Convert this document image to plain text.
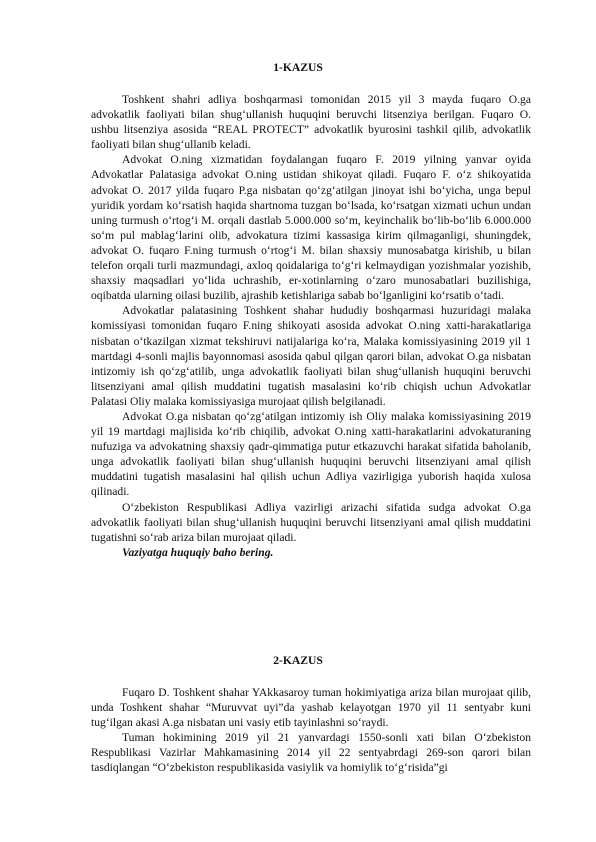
1-KAZUS

Toshkent shahri adliya boshqarmasi tomonidan 2015 yil 3 mayda fuqaro O.ga advokatlik faoliyati bilan shug‘ullanish huquqini beruvchi litsenziya berilgan. Fuqaro O. ushbu litsenziya asosida “REAL PROTECT” advokatlik byurosini tashkil qilib, advokatlik faoliyati bilan shug‘ullanib keladi.

Advokat O.ning xizmatidan foydalangan fuqaro F. 2019 yilning yanvar oyida Advokatlar Palatasiga advokat O.ning ustidan shikoyat qiladi. Fuqaro F. o‘z shikoyatida advokat O. 2017 yilda fuqaro P.ga nisbatan qo‘zg‘atilgan jinoyat ishi bo‘yicha, unga bepul yuridik yordam ko‘rsatish haqida shartnoma tuzgan bo‘lsada, ko‘rsatgan xizmati uchun undan uning turmush o‘rtog‘i M. orqali dastlab 5.000.000 so‘m, keyinchalik bo‘lib-bo‘lib 6.000.000 so‘m pul mablag‘larini olib, advokatura tizimi kassasiga kirim qilmaganligi, shuningdek, advokat O. fuqaro F.ning turmush o‘rtog‘i M. bilan shaxsiy munosabatga kirishib, u bilan telefon orqali turli mazmundagi, axloq qoidalariga to‘g‘ri kelmaydigan yozishmalar yozishib, shaxsiy maqsadlari yo‘lida uchrashib, er-xotinlarning o‘zaro munosabatlari buzilishiga, oqibatda ularning oilasi buzilib, ajrashib ketishlariga sabab bo‘lganligini ko‘rsatib o‘tadi.

Advokatlar palatasining Toshkent shahar hududiy boshqarmasi huzuridagi malaka komissiyasi tomonidan fuqaro F.ning shikoyati asosida advokat O.ning xatti-harakatlariga nisbatan o‘tkazilgan xizmat tekshiruvi natijalariga ko‘ra, Malaka komissiyasining 2019 yil 1 martdagi 4-sonli majlis bayonnomasi asosida qabul qilgan qarori bilan, advokat O.ga nisbatan intizomiy ish qo‘zg‘atilib, unga advokatlik faoliyati bilan shug‘ullanish huquqini beruvchi litsenziyani amal qilish muddatini tugatish masalasini ko‘rib chiqish uchun Advokatlar Palatasi Oliy malaka komissiyasiga murojaat qilish belgilanadi.

Advokat O.ga nisbatan qo‘zg‘atilgan intizomiy ish Oliy malaka komissiyasining 2019 yil 19 martdagi majlisida ko‘rib chiqilib, advokat O.ning xatti-harakatlarini advokaturaning nufuziga va advokatning shaxsiy qadr-qimmatiga putur etkazuvchi harakat sifatida baholanib, unga advokatlik faoliyati bilan shug‘ullanish huquqini beruvchi litsenziyani amal qilish muddatini tugatish masalasini hal qilish uchun Adliya vazirligiga yuborish haqida xulosa qilinadi.

O‘zbekiston Respublikasi Adliya vazirligi arizachi sifatida sudga advokat O.ga advokatlik faoliyati bilan shug‘ullanish huquqini beruvchi litsenziyani amal qilish muddatini tugatishni so‘rab ariza bilan murojaat qiladi.

Vaziyatga huquqiy baho bering.

2-KAZUS

Fuqaro D. Toshkent shahar YAkkasaroy tuman hokimiyatiga ariza bilan murojaat qilib, unda Toshkent shahar “Muruvvat uyi”da yashab kelayotgan 1970 yil 11 sentyabr kuni tug‘ilgan akasi A.ga nisbatan uni vasiy etib tayinlashni so‘raydi.

Tuman hokimining 2019 yil 21 yanvardagi 1550-sonli xati bilan O‘zbekiston Respublikasi Vazirlar Mahkamasining 2014 yil 22 sentyabrdagi 269-son qarori bilan tasdiqlangan “O‘zbekiston respublikasida vasiylik va homiylik to‘g‘risida”gi
